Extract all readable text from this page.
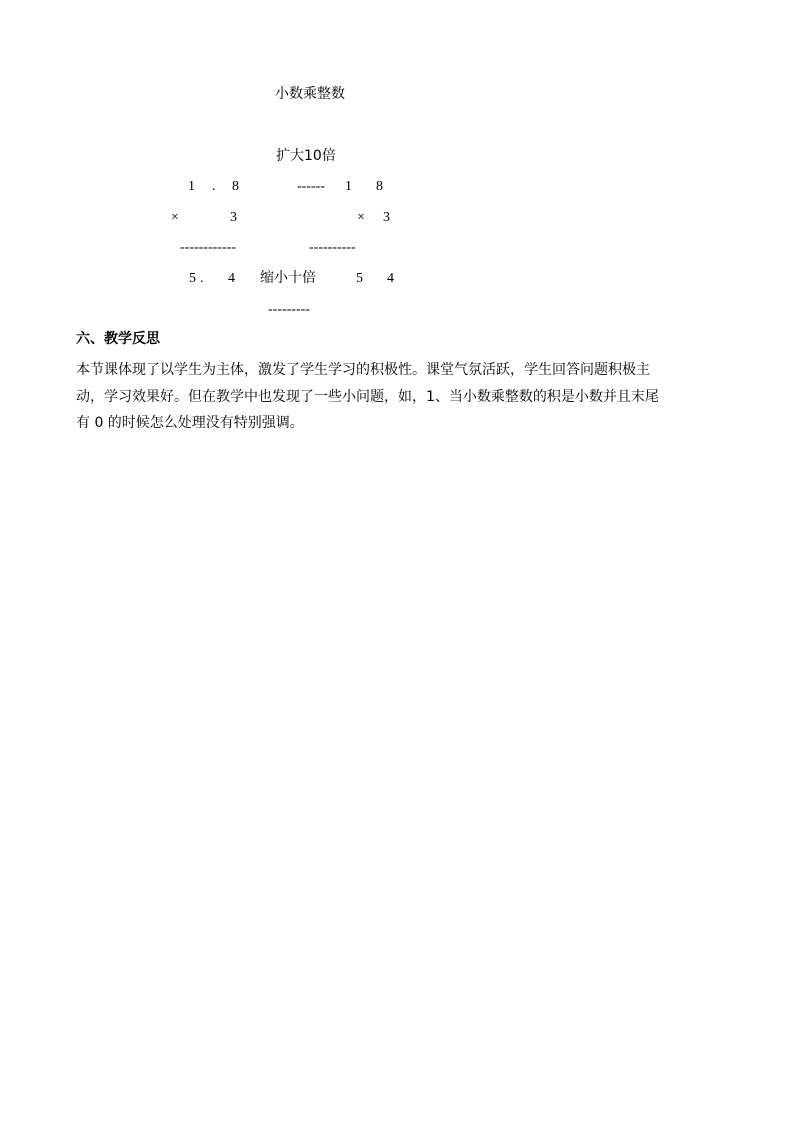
小数乘整数
扩大10倍
1 . 8	------ 1 8
×	3	× 3
------------	----------
5 . 4 缩小十倍	5 4
---------
六、教学反思
本节课体现了以学生为主体，激发了学生学习的积极性。课堂气氛活跃，学生回答问题积极主
动，学习效果好。但在教学中也发现了一些小问题，如，1、当小数乘整数的积是小数并且末尾
有 0 的时候怎么处理没有特别强调。
